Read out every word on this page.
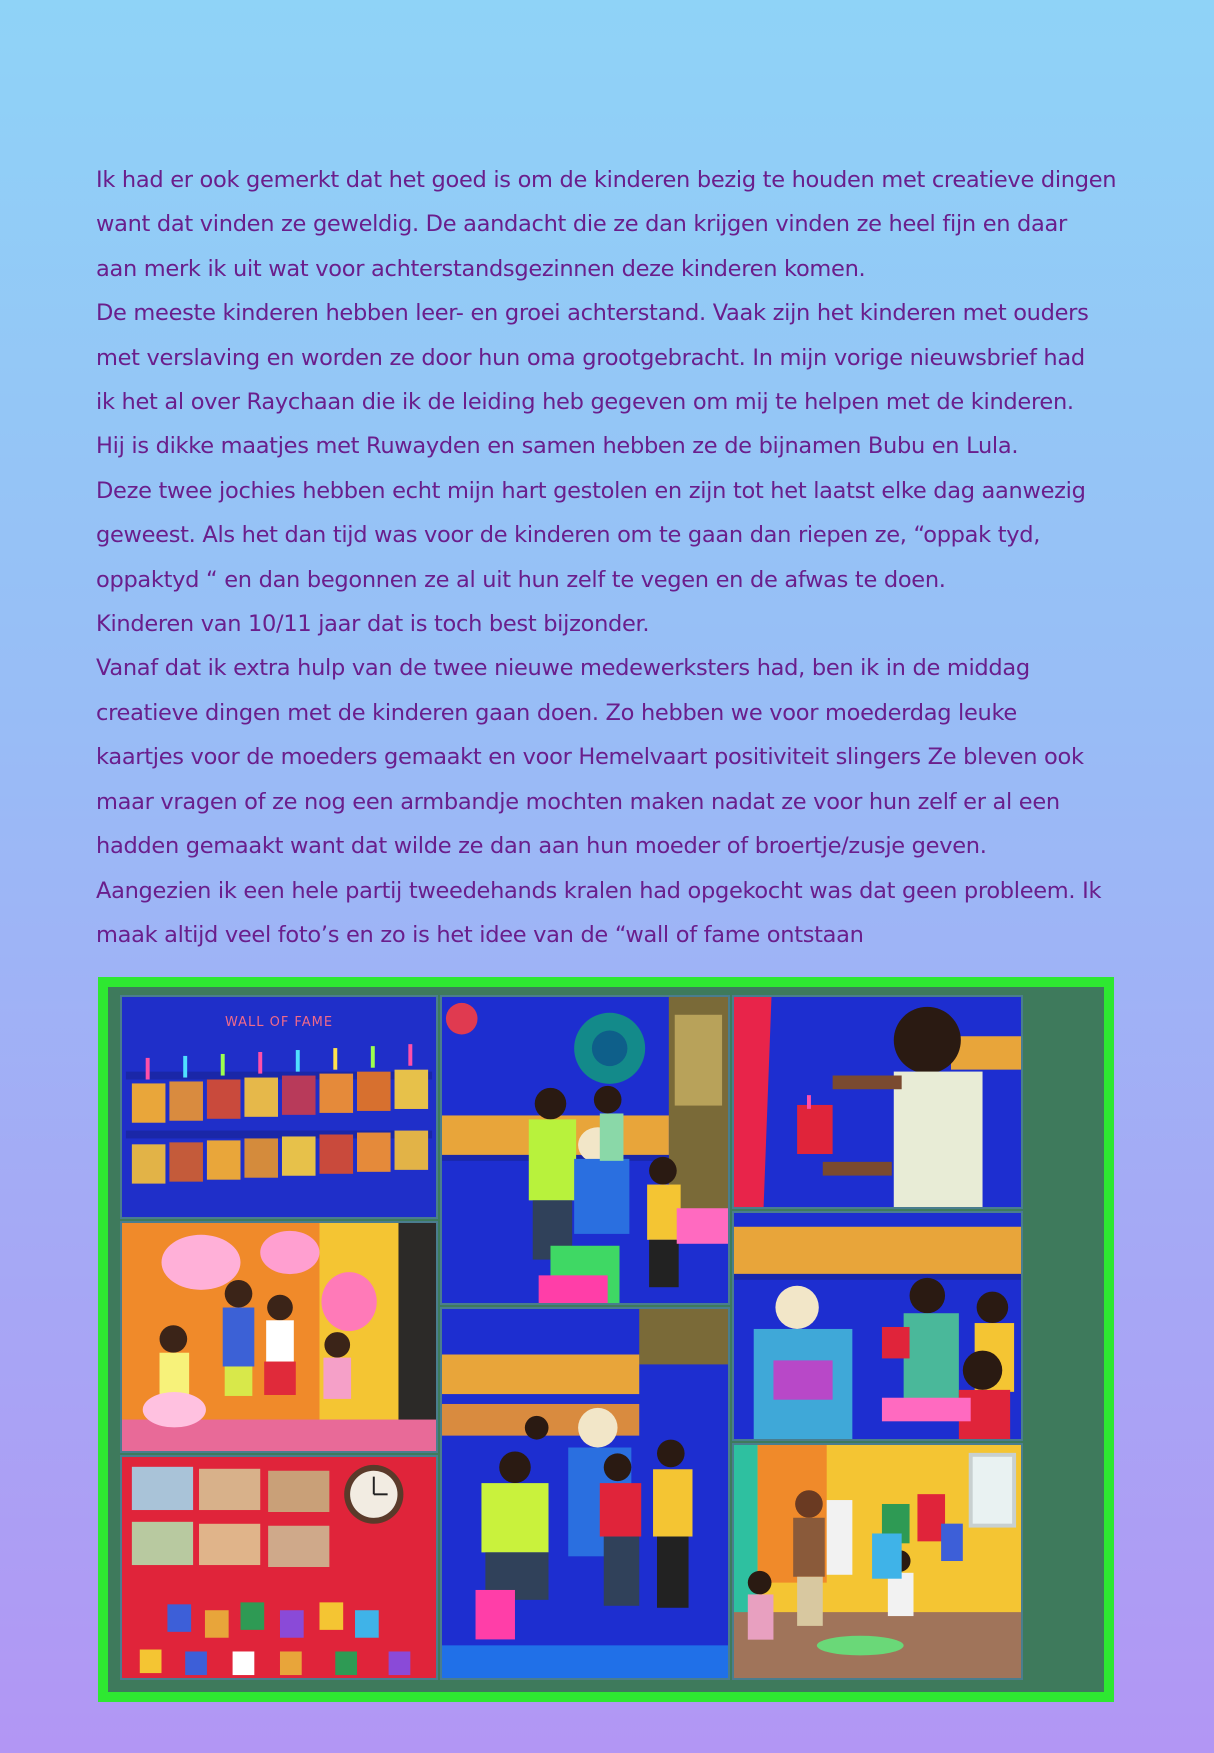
Ik had er ook gemerkt dat het goed is om de kinderen bezig te houden met creatieve dingen

want dat vinden ze geweldig. De aandacht die ze dan krijgen vinden ze heel fijn en daar

aan merk ik uit wat voor achterstandsgezinnen deze kinderen komen.

De meeste kinderen hebben leer- en groei achterstand. Vaak zijn het kinderen met ouders

met verslaving en worden ze door hun oma grootgebracht. In mijn vorige nieuwsbrief had

ik het al over Raychaan die ik de leiding heb gegeven om mij te helpen met de kinderen.

Hij is dikke maatjes met Ruwayden en samen hebben ze de bijnamen Bubu en Lula.

Deze twee jochies hebben echt mijn hart gestolen en zijn tot het laatst elke dag aanwezig

geweest. Als het dan tijd was voor de kinderen om te gaan dan riepen ze, “oppak tyd,

oppaktyd “ en dan begonnen ze al uit hun zelf te vegen en de afwas te doen.

Kinderen van 10/11 jaar dat is toch best bijzonder.

Vanaf dat ik extra hulp van de twee nieuwe medewerksters had, ben ik in de middag

creatieve dingen met de kinderen gaan doen. Zo hebben we voor moederdag leuke

kaartjes voor de moeders gemaakt en voor Hemelvaart positiviteit slingers Ze bleven ook

maar vragen of ze nog een armbandje mochten maken nadat ze voor hun zelf er al een

hadden gemaakt want dat wilde ze dan aan hun moeder of broertje/zusje geven.

Aangezien ik een hele partij tweedehands kralen had opgekocht was dat geen probleem. Ik

maak altijd veel foto’s en zo is het idee van de “wall of fame ontstaan

WALL OF FAME
